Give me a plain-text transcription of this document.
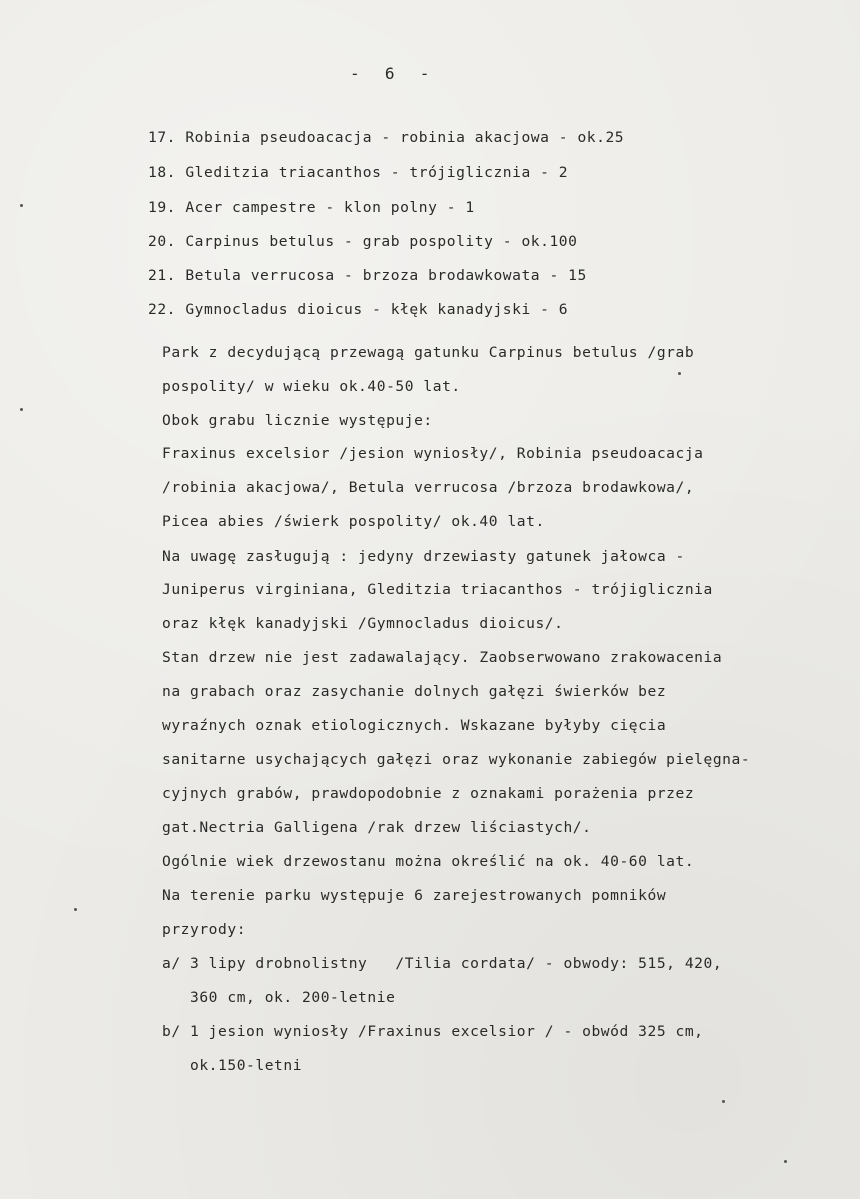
-  6  -
17. Robinia pseudoacacja - robinia akacjowa - ok.25
18. Gleditzia triacanthos - trójiglicznia - 2
19. Acer campestre - klon polny - 1
20. Carpinus betulus - grab pospolity - ok.100
21. Betula verrucosa - brzoza brodawkowata - 15
22. Gymnocladus dioicus - kłęk kanadyjski - 6
Park z decydującą przewagą gatunku Carpinus betulus /grab
pospolity/ w wieku ok.40-50 lat.
Obok grabu licznie występuje:
Fraxinus excelsior /jesion wyniosły/, Robinia pseudoacacja
/robinia akacjowa/, Betula verrucosa /brzoza brodawkowa/,
Picea abies /świerk pospolity/ ok.40 lat.
Na uwagę zasługują : jedyny drzewiasty gatunek jałowca -
Juniperus virginiana, Gleditzia triacanthos - trójiglicznia
oraz kłęk kanadyjski /Gymnocladus dioicus/.
Stan drzew nie jest zadawalający. Zaobserwowano zrakowacenia
na grabach oraz zasychanie dolnych gałęzi świerków bez
wyraźnych oznak etiologicznych. Wskazane byłyby cięcia
sanitarne usychających gałęzi oraz wykonanie zabiegów pielęgna-
cyjnych grabów, prawdopodobnie z oznakami porażenia przez
gat.Nectria Galligena /rak drzew liściastych/.
Ogólnie wiek drzewostanu można określić na ok. 40-60 lat.
Na terenie parku występuje 6 zarejestrowanych pomników
przyrody:
a/ 3 lipy drobnolistny   /Tilia cordata/ - obwody: 515, 420,
360 cm, ok. 200-letnie
b/ 1 jesion wyniosły /Fraxinus excelsior / - obwód 325 cm,
ok.150-letni
